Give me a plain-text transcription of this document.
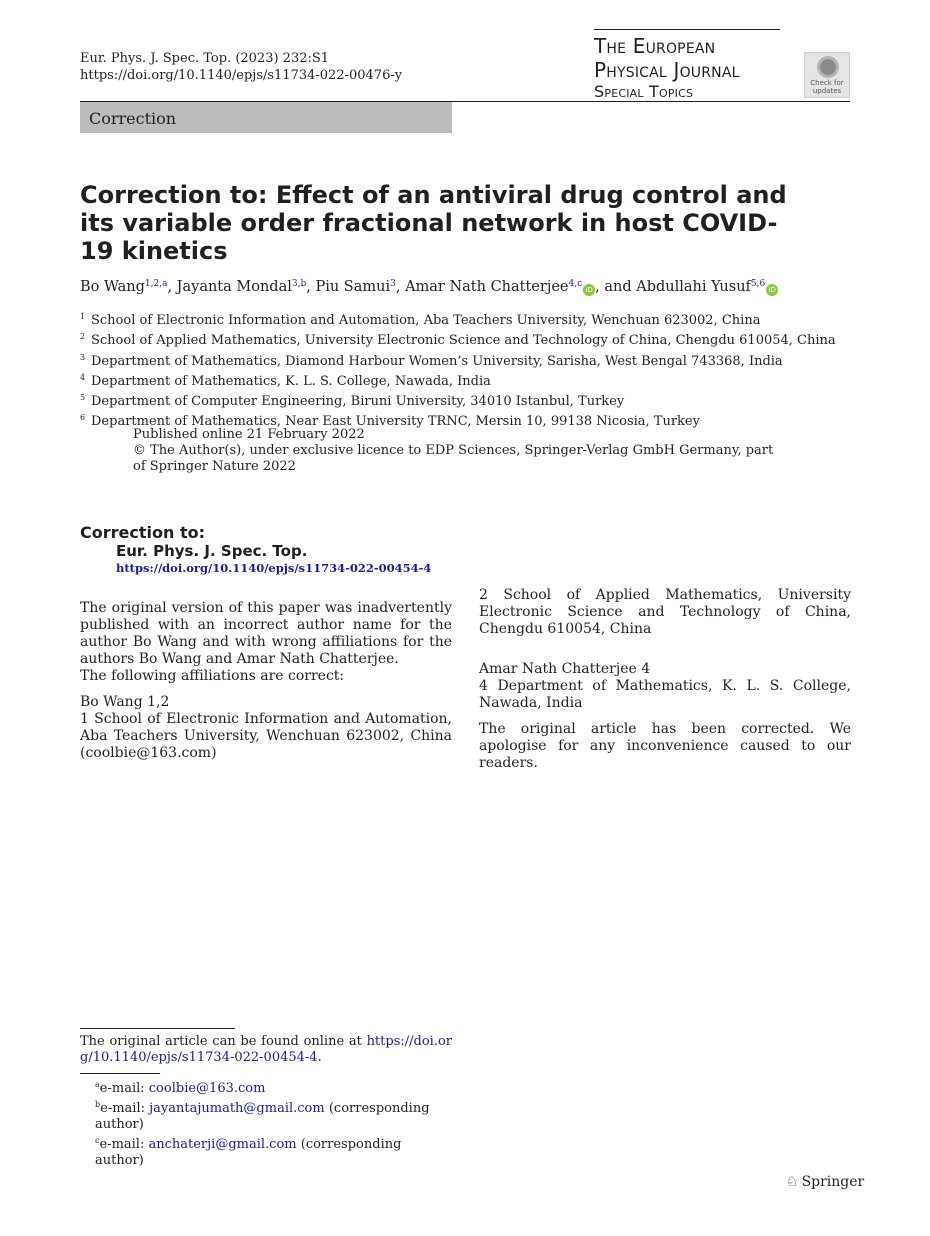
Eur. Phys. J. Spec. Top. (2023) 232:S1
https://doi.org/10.1140/epjs/s11734-022-00476-y
The European
Physical Journal
Special Topics	Check for
updates
Correction
Correction to: Effect of an antiviral drug control and its variable order fractional network in host COVID-19 kinetics
Bo Wang$^{1,2,a}$, Jayanta Mondal$^{3,b}$, Piu Samui$^3$, Amar Nath Chatterjee$^{4,c}$iD , and Abdullahi Yusuf$^{5,6}$iD
$^1$ School of Electronic Information and Automation, Aba Teachers University, Wenchuan 623002, China
$^2$ School of Applied Mathematics, University Electronic Science and Technology of China, Chengdu 610054, China
$^3$ Department of Mathematics, Diamond Harbour Women’s University, Sarisha, West Bengal 743368, India
$^4$ Department of Mathematics, K. L. S. College, Nawada, India
$^5$ Department of Computer Engineering, Biruni University, 34010 Istanbul, Turkey
$^6$ Department of Mathematics, Near East University TRNC, Mersin 10, 99138 Nicosia, Turkey
Published online 21 February 2022
© The Author(s), under exclusive licence to EDP Sciences, Springer-Verlag GmbH Germany, part of Springer Nature 2022
Correction to:
Eur. Phys. J. Spec. Top.
https://doi.org/10.1140/epjs/s11734-022-00454-4

The original version of this paper was inadvertently published with an incorrect author name for the author Bo Wang and with wrong affiliations for the authors Bo Wang and Amar Nath Chatterjee.

The following affiliations are correct:

Bo Wang 1,2

1 School of Electronic Information and Automation, Aba Teachers University, Wenchuan 623002, China (coolbie@163.com)

2 School of Applied Mathematics, University Electronic Science and Technology of China, Chengdu 610054, China

Amar Nath Chatterjee 4

4 Department of Mathematics, K. L. S. College, Nawada, India

The original article has been corrected. We apologise for any inconvenience caused to our readers.

The original article can be found online at https://doi.org/10.1140/epjs/s11734-022-00454-4.
$^a$e-mail: coolbie@163.com
$^b$e-mail: jayantajumath@gmail.com (corresponding author)
$^c$e-mail: anchaterji@gmail.com (corresponding author)
♘ Springer
